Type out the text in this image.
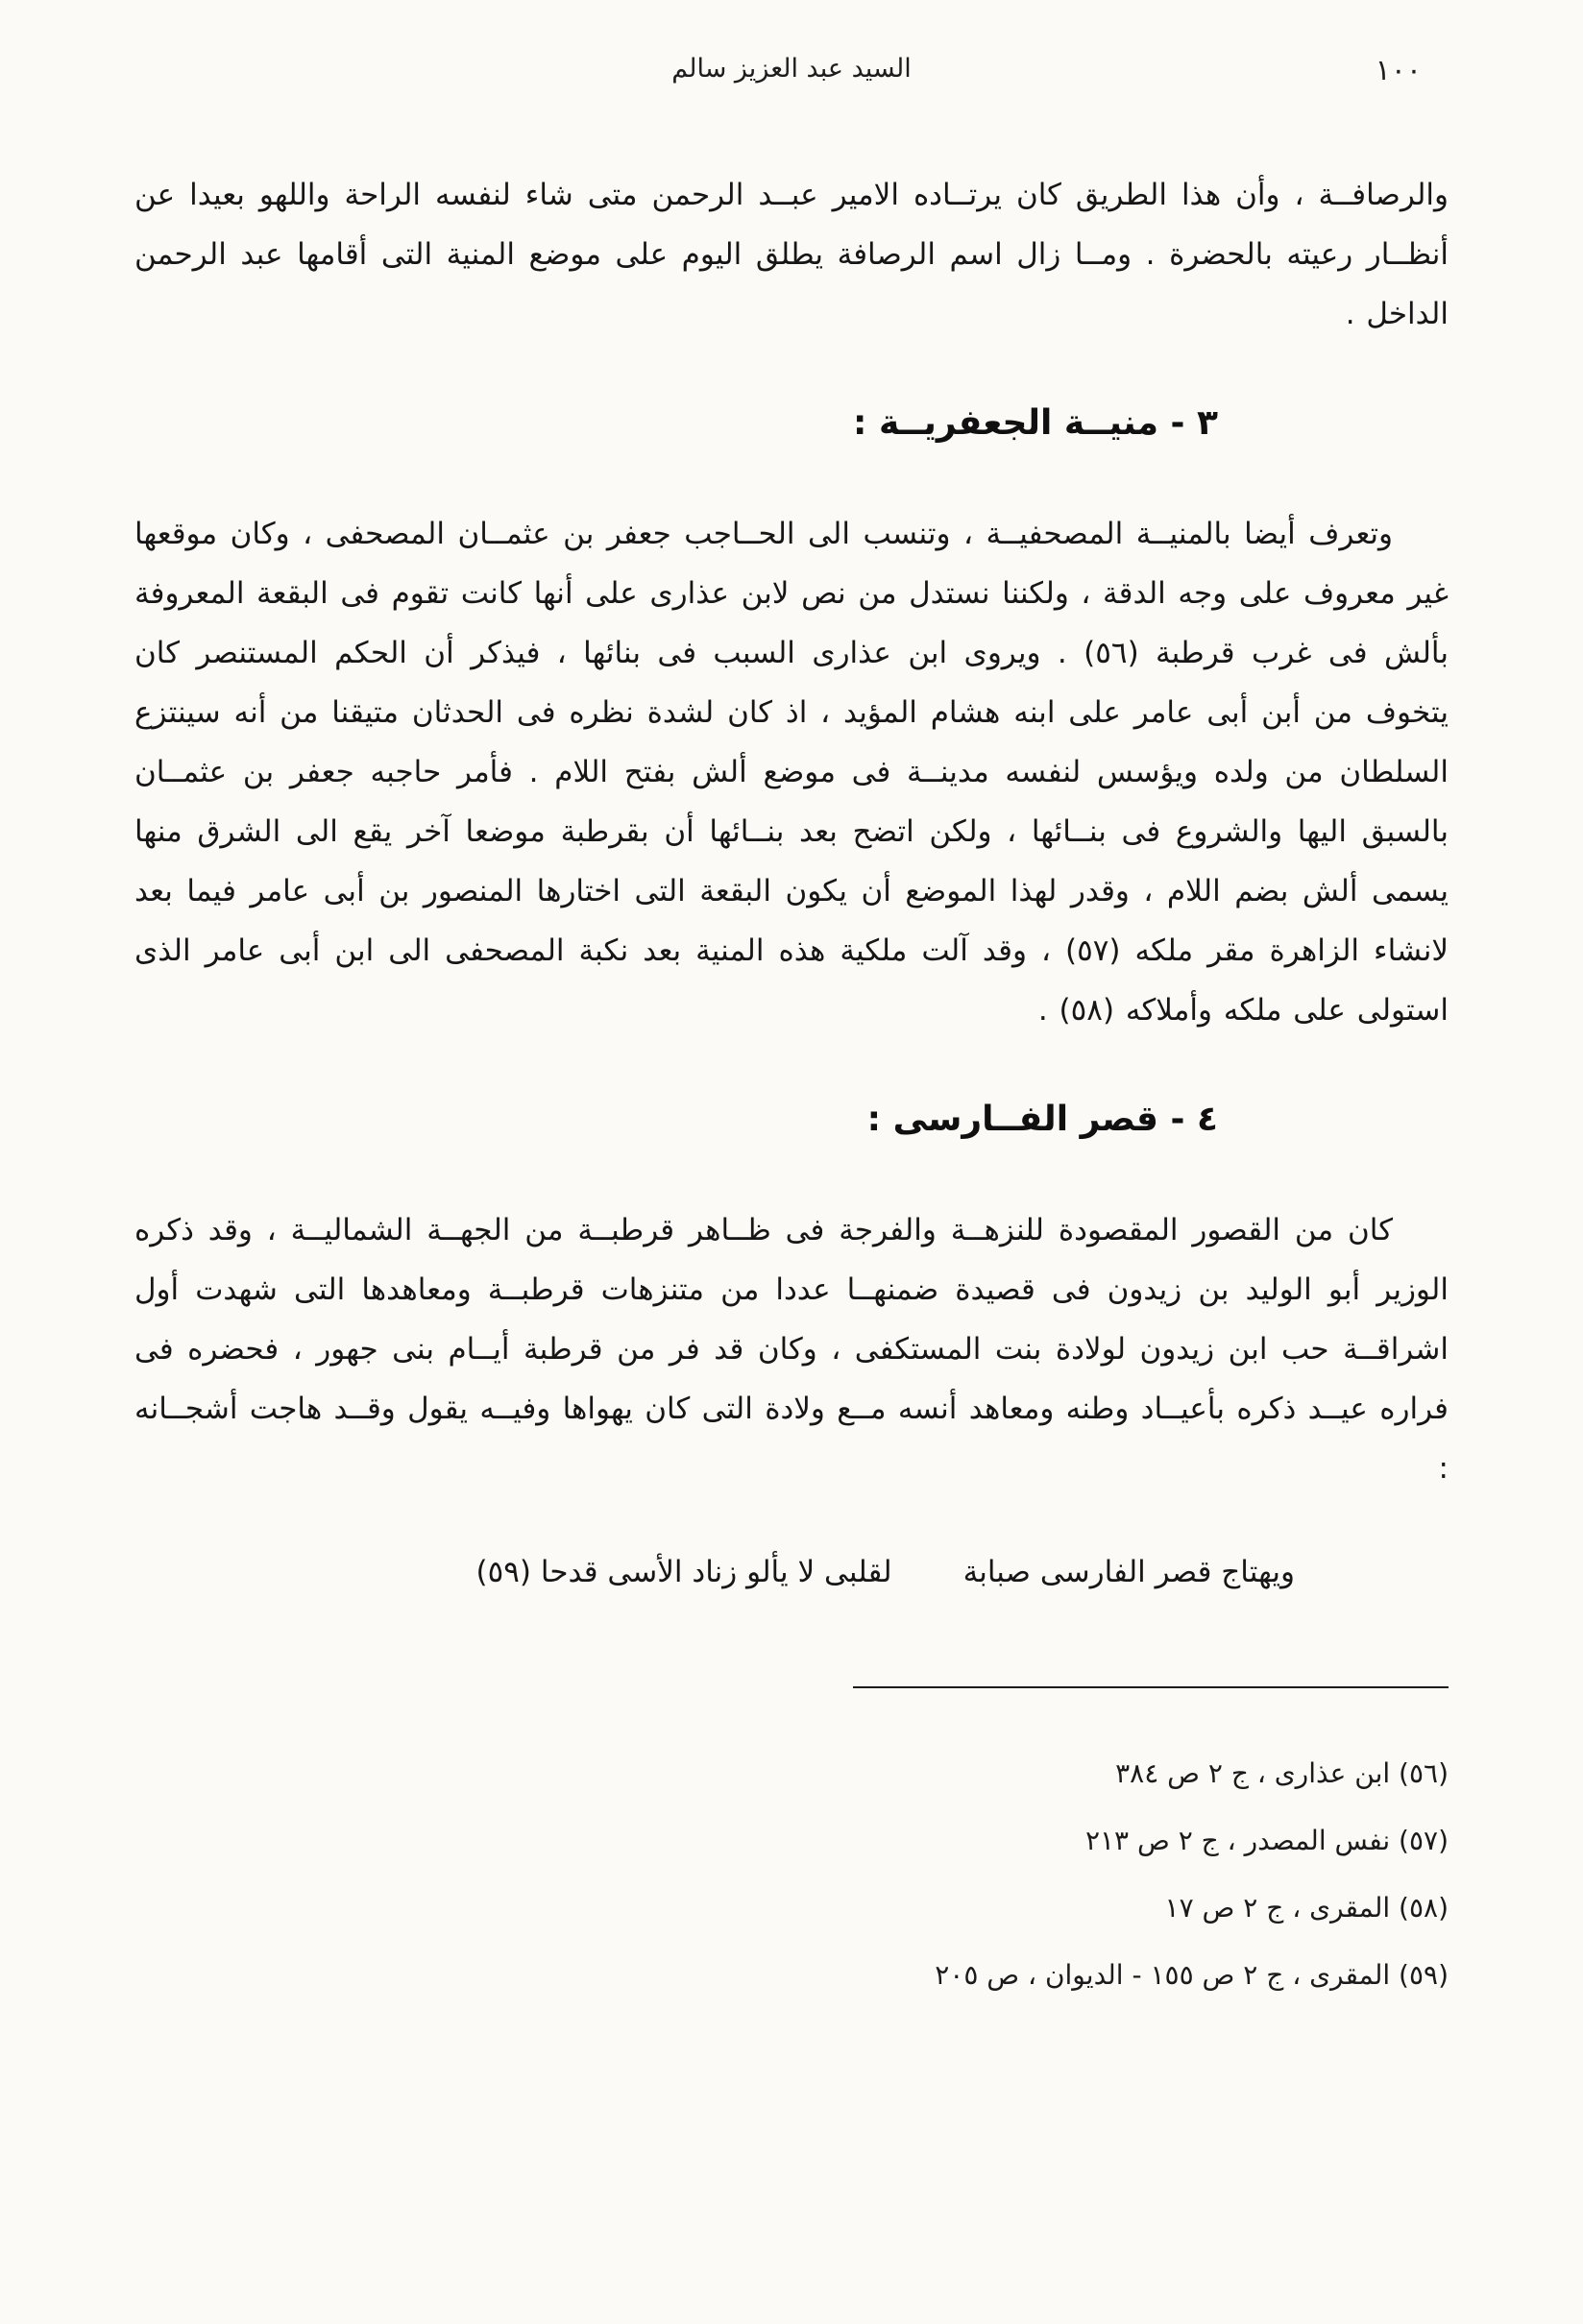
السيد عبد العزيز سالم	١٠٠

والرصافــة ، وأن هذا الطريق كان يرتــاده الامير عبــد الرحمن متى شاء لنفسه الراحة واللهو بعيدا عن أنظــار رعيته بالحضرة . ومــا زال اسم الرصافة يطلق اليوم على موضع المنية التى أقامها عبد الرحمن الداخل .

٣ - منيــة الجعفريــة :

وتعرف أيضا بالمنيــة المصحفيــة ، وتنسب الى الحــاجب جعفر بن عثمــان المصحفى ، وكان موقعها غير معروف على وجه الدقة ، ولكننا نستدل من نص لابن عذارى على أنها كانت تقوم فى البقعة المعروفة بألش فى غرب قرطبة (٥٦) . ويروى ابن عذارى السبب فى بنائها ، فيذكر أن الحكم المستنصر كان يتخوف من أبن أبى عامر على ابنه هشام المؤيد ، اذ كان لشدة نظره فى الحدثان متيقنا من أنه سينتزع السلطان من ولده ويؤسس لنفسه مدينــة فى موضع ألش بفتح اللام . فأمر حاجبه جعفر بن عثمــان بالسبق اليها والشروع فى بنــائها ، ولكن اتضح بعد بنــائها أن بقرطبة موضعا آخر يقع الى الشرق منها يسمى ألش بضم اللام ، وقدر لهذا الموضع أن يكون البقعة التى اختارها المنصور بن أبى عامر فيما بعد لانشاء الزاهرة مقر ملكه (٥٧) ، وقد آلت ملكية هذه المنية بعد نكبة المصحفى الى ابن أبى عامر الذى استولى على ملكه وأملاكه (٥٨) .

٤ - قصر الفــارسى :

كان من القصور المقصودة للنزهــة والفرجة فى ظــاهر قرطبــة من الجهــة الشماليــة ، وقد ذكره الوزير أبو الوليد بن زيدون فى قصيدة ضمنهــا عددا من متنزهات قرطبــة ومعاهدها التى شهدت أول اشراقــة حب ابن زيدون لولادة بنت المستكفى ، وكان قد فر من قرطبة أيــام بنى جهور ، فحضره فى فراره عيــد ذكره بأعيــاد وطنه ومعاهد أنسه مــع ولادة التى كان يهواها وفيــه يقول وقــد هاجت أشجــانه :

ويهتاج قصر الفارسى صبابة
لقلبى لا يألو زناد الأسى قدحا (٥٩)
(٥٦) ابن عذارى ، ج ٢ ص ٣٨٤
(٥٧) نفس المصدر ، ج ٢ ص ٢١٣
(٥٨) المقرى ، ج ٢ ص ١٧
(٥٩) المقرى ، ج ٢ ص ١٥٥ - الديوان ، ص ٢٠٥
